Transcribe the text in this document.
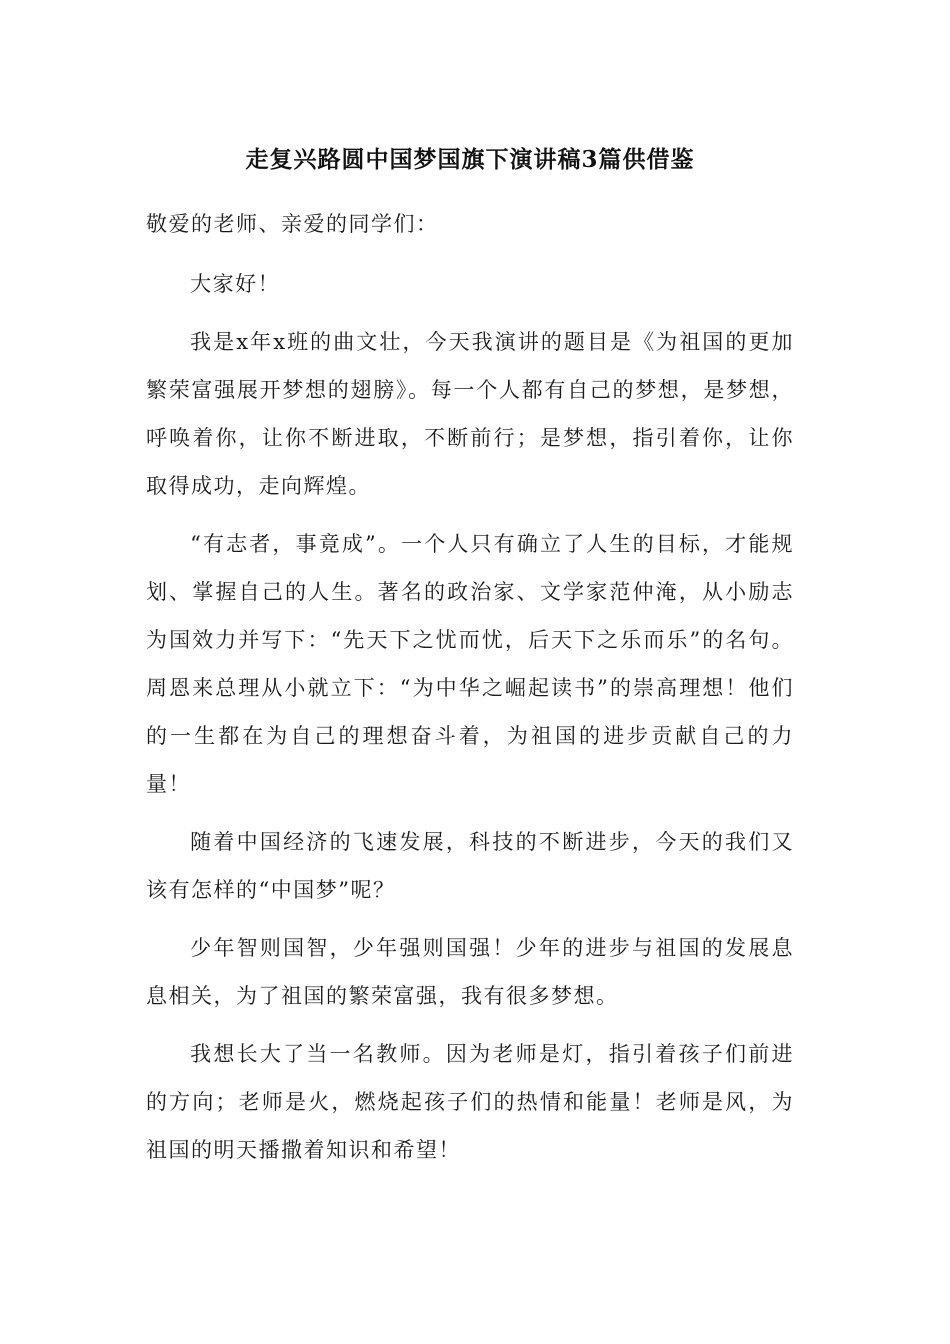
走复兴路圆中国梦国旗下演讲稿3篇供借鉴

敬爱的老师、亲爱的同学们：

大家好！

我是x年x班的曲文壮，今天我演讲的题目是《为祖国的更加繁荣富强展开梦想的翅膀》。每一个人都有自己的梦想，是梦想，呼唤着你，让你不断进取，不断前行；是梦想，指引着你，让你取得成功，走向辉煌。

“有志者，事竟成”。一个人只有确立了人生的目标，才能规划、掌握自己的人生。著名的政治家、文学家范仲淹，从小励志为国效力并写下：“先天下之忧而忧，后天下之乐而乐”的名句。周恩来总理从小就立下：“为中华之崛起读书”的崇高理想！他们的一生都在为自己的理想奋斗着，为祖国的进步贡献自己的力量！

随着中国经济的飞速发展，科技的不断进步，今天的我们又该有怎样的“中国梦”呢？

少年智则国智，少年强则国强！少年的进步与祖国的发展息息相关，为了祖国的繁荣富强，我有很多梦想。

我想长大了当一名教师。因为老师是灯，指引着孩子们前进的方向；老师是火，燃烧起孩子们的热情和能量！老师是风，为祖国的明天播撒着知识和希望！
